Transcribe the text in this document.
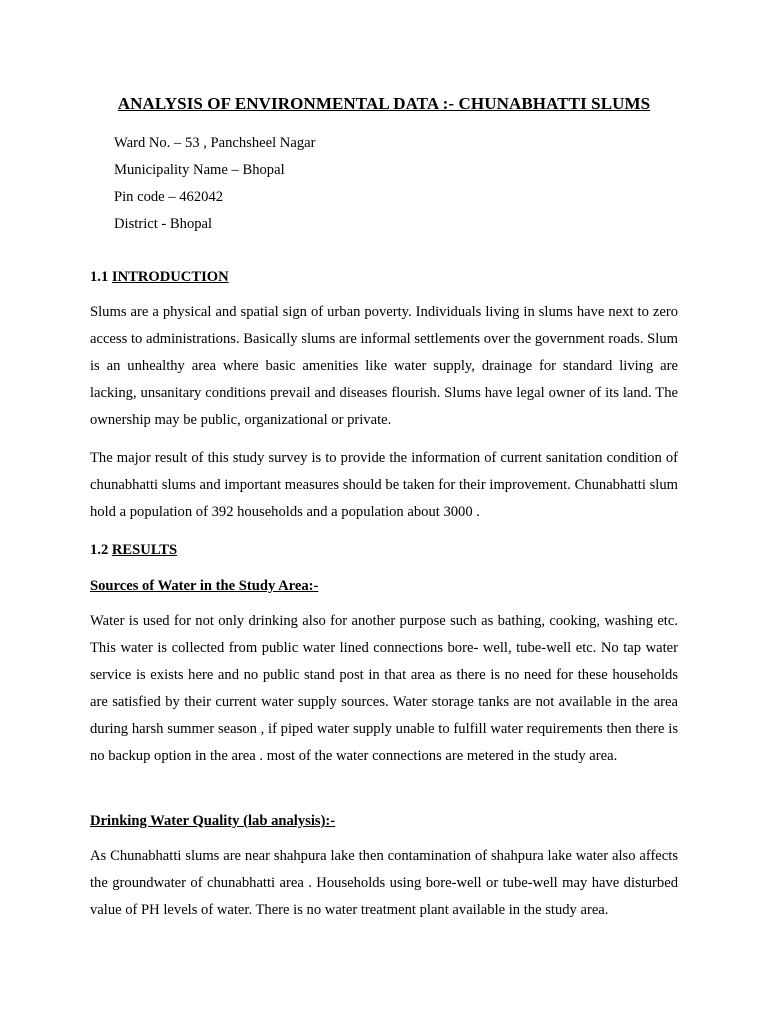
ANALYSIS OF ENVIRONMENTAL DATA :- CHUNABHATTI SLUMS
Ward No. – 53 , Panchsheel Nagar
Municipality Name – Bhopal
Pin code – 462042
District - Bhopal
1.1 INTRODUCTION
Slums are a physical and spatial sign of urban poverty. Individuals living in slums have next to zero access to administrations. Basically slums are informal settlements over the government roads. Slum is an unhealthy area where basic amenities like water supply, drainage for standard living are lacking, unsanitary conditions prevail and diseases flourish. Slums have legal owner of its land. The ownership may be public, organizational or private.
The major result of this study survey is to provide the information of current sanitation condition of chunabhatti slums and important measures should be taken for their improvement. Chunabhatti slum hold a population of 392 households and a population about 3000 .
1.2 RESULTS
Sources of Water in the Study Area:-
Water is used for not only drinking also for another purpose such as bathing, cooking, washing etc. This water is collected from public water lined connections bore- well, tube-well etc. No tap water service is exists here and no public stand post in that area as there is no need for these households are satisfied by their current water supply sources. Water storage tanks are not available in the area during harsh summer season , if piped water supply unable to fulfill water requirements then there is no backup option in the area . most of the water connections are metered in the study area.
Drinking Water Quality (lab analysis):-
As Chunabhatti slums are near shahpura lake then contamination of shahpura lake water also affects the groundwater of chunabhatti area . Households using bore-well or tube-well may have disturbed value of PH levels of water. There is no water treatment plant available in the study area.
